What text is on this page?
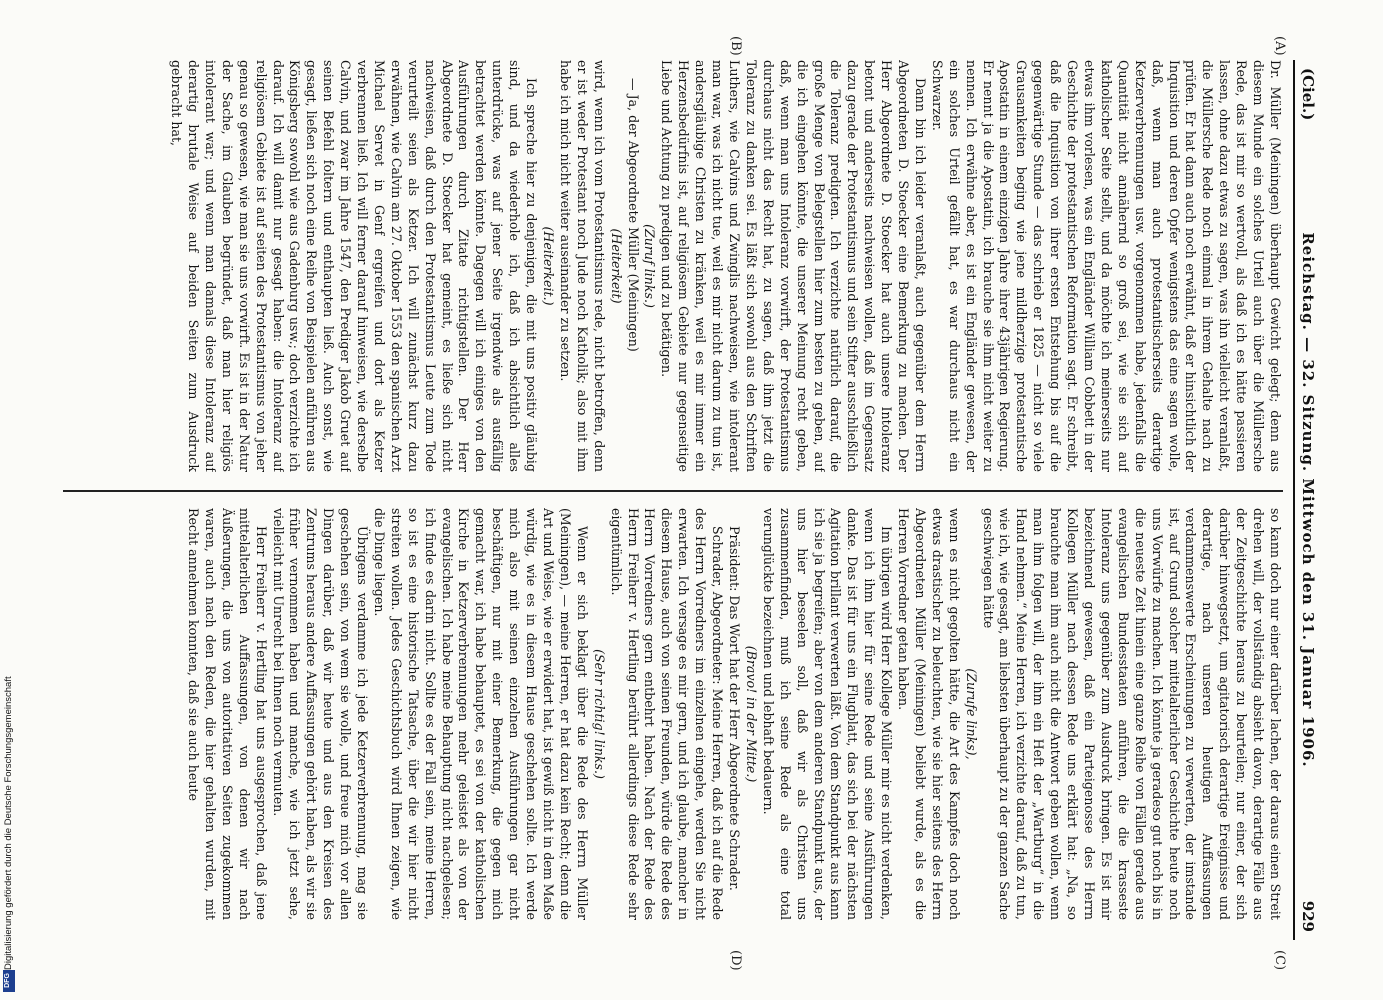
(Ciel.)
Reichstag. — 32. Sitzung. Mittwoch den 31. Januar 1906.
929
(A)
(B)
(C)
(D)

Dr. Müller (Meiningen) überhaupt Gewicht gelegt; denn aus diesem Munde ein solches Urteil auch über die Müllersche Rede, das ist mir so wertvoll, als daß ich es hätte passieren lassen, ohne dazu etwas zu sagen, was ihn vielleicht veranlaßt, die Müllersche Rede noch einmal in ihrem Gehalte nach zu prüfen. Er hat dann auch noch erwähnt, daß er hinsichtlich der Inquisition und deren Opfer wenigstens das eine sagen wolle, daß, wenn man auch protestantischerseits derartige Ketzerverbrennungen usw. vorgenommen habe, jedenfalls die Quantität nicht annähernd so groß sei, wie sie sich auf katholischer Seite stellt, und da möchte ich meinerseits nur etwas ihm vorlesen, was ein Engländer William Cobbett in der Geschichte der protestantischen Reformation sagt. Er schreibt, daß die Inquisition von ihrer ersten Entstehung bis auf die gegenwärtige Stunde — das schrieb er 1825 — nicht so viele Grausamkeiten beging wie jene mildherzige protestantische Apostatin in einem einzigen Jahre ihrer 43jährigen Regierung. Er nennt ja die Apostatin, ich brauche sie ihm nicht weiter zu nennen. Ich erwähne aber, es ist ein Engländer gewesen, der ein solches Urteil gefällt hat, es war durchaus nicht ein Schwarzer.

Dann bin ich leider veranlaßt, auch gegenüber dem Herrn Abgeordneten D. Stoecker eine Bemerkung zu machen. Der Herr Abgeordnete D. Stoecker hat auch unsere Intoleranz betont und anderseits nachweisen wollen, daß im Gegensatz dazu gerade der Protestantismus und sein Stifter ausschließlich die Toleranz predigten. Ich verzichte natürlich darauf, die große Menge von Belegstellen hier zum besten zu geben, auf die ich eingehen könnte, die unserer Meinung recht geben, daß, wenn man uns Intoleranz vorwirft, der Protestantismus durchaus nicht das Recht hat, zu sagen, daß ihm jetzt die Toleranz zu danken sei. Es läßt sich sowohl aus den Schriften Luthers, wie Calvins und Zwinglis nachweisen, wie intolerant man war, was ich nicht tue, weil es mir nicht darum zu tun ist, andersgläubige Christen zu kränken, weil es mir immer ein Herzensbedürfnis ist, auf religiösem Gebiete nur gegenseitige Liebe und Achtung zu predigen und zu betätigen.

(Zuruf links.)

— Ja, der Abgeordnete Müller (Meiningen)

(Heiterkeit)

wird, wenn ich vom Protestantismus rede, nicht betroffen, denn er ist weder Protestant noch Jude noch Katholik; also mit ihm habe ich mich nicht weiter auseinander zu setzen.

(Heiterkeit.)

Ich spreche hier zu denjenigen, die mit uns positiv gläubig sind, und da wiederhole ich, daß ich absichtlich alles unterdrücke, was auf jener Seite irgendwie als ausfällig betrachtet werden könnte. Dagegen will ich einiges von den Ausführungen durch Zitate richtigstellen. Der Herr Abgeordnete D. Stoecker hat gemeint, es ließe sich nicht nachweisen, daß durch den Protestantismus Leute zum Tode verurteilt seien als Ketzer. Ich will zunächst kurz dazu erwähnen, wie Calvin am 27. Oktober 1553 den spanischen Arzt Michael Servet in Genf ergreifen und dort als Ketzer verbrennen ließ. Ich will ferner darauf hinweisen, wie derselbe Calvin, und zwar im Jahre 1547, den Prediger Jakob Gruet auf seinen Befehl foltern und enthaupten ließ. Auch sonst, wie gesagt, ließen sich noch eine Reihe von Beispielen anführen aus Königsberg sowohl wie aus Gadenburg usw.; doch verzichte ich darauf. Ich will damit nur gesagt haben: die Intoleranz auf religiösem Gebiete ist auf seiten des Protestantismus von jeher genau so gewesen, wie man sie uns vorwirft. Es ist in der Natur der Sache, im Glauben begründet, daß man hier religiös intolerant war; und wenn man damals diese Intoleranz auf derartig brutale Weise auf beiden Seiten zum Ausdruck gebracht hat,

so kann doch nur einer darüber lachen, der daraus einen Streit drehen will, der vollständig absieht davon, derartige Fälle aus der Zeitgeschichte heraus zu beurteilen; nur einer, der sich darüber hinwegsetzt, um agitatorisch derartige Ereignisse und derartige, nach unseren heutigen Auffassungen verdammenswerte Erscheinungen zu verwerten, der imstande ist, auf Grund solcher mittelalterlicher Geschichte heute noch uns Vorwürfe zu machen. Ich könnte ja geradeso gut noch bis in die neueste Zeit hinein eine ganze Reihe von Fällen gerade aus evangelischen Bundesstaaten anführen, die die krasseste Intoleranz uns gegenüber zum Ausdruck bringen. Es ist mir bezeichnend gewesen, daß ein Parteigenosse des Herrn Kollegen Müller nach dessen Rede uns erklärt hat: „Na, so brauchte man ihm auch nicht die Antwort geben wollen, wenn man ihm folgen will, der ihm ein Heft der „Wartburg“ in die Hand nehmen.“ Meine Herren, ich verzichte darauf, daß zu tun, wie ich, wie gesagt, am liebsten überhaupt zu der ganzen Sache geschwiegen hätte

(Zurufe links),

wenn es nicht gegolten hätte, die Art des Kampfes doch noch etwas drastischer zu beleuchten, wie sie hier seitens des Herrn Abgeordneten Müller (Meiningen) beliebt wurde, als es die Herren Vorredner getan haben.

Im übrigen wird Herr Kollege Müller mir es nicht verdenken, wenn ich ihm hier für seine Rede und seine Ausführungen danke. Das ist für uns ein Flugblatt, das sich bei der nächsten Agitation brillant verwerten läßt. Von dem Standpunkt aus kann ich sie ja begreifen; aber von dem anderen Standpunkt aus, der uns hier beseelen soll, daß wir als Christen uns zusammenfinden, muß ich seine Rede als eine total verunglückte bezeichnen und lebhaft bedauern.

(Bravo! in der Mitte.)

Präsident: Das Wort hat der Herr Abgeordnete Schrader.

Schrader, Abgeordneter: Meine Herren, daß ich auf die Rede des Herrn Vorredners im einzelnen eingehe, werden Sie nicht erwarten. Ich versage es mir gern, und ich glaube, mancher in diesem Hause, auch von seinen Freunden, würde die Rede des Herrn Vorredners gern entbehrt haben. Nach der Rede des Herrn Freiherr v. Hertling berührt allerdings diese Rede sehr eigentümlich.

(Sehr richtig! links.)

Wenn er sich beklagt über die Rede des Herrn Müller (Meiningen), — meine Herren, er hat dazu kein Recht; denn die Art und Weise, wie er erwidert hat, ist gewiß nicht in dem Maße würdig, wie es in diesem Hause geschehen sollte. Ich werde mich also mit seinen einzelnen Ausführungen gar nicht beschäftigen, nur mit einer Bemerkung, die gegen mich gemacht war, ich habe behauptet, es sei von der katholischen Kirche in Ketzerverbrennungen mehr geleistet als von der evangelischen. Ich habe meine Behauptung nicht nachgelesen; ich finde es darin nicht. Sollte es der Fall sein, meine Herren, so ist es eine historische Tatsache, über die wir hier nicht streiten wollen. Jedes Geschichtsbuch wird Ihnen zeigen, wie die Dinge liegen.

Übrigens verdamme ich jede Ketzerverbrennung, mag sie geschehen sein, von wem sie wolle, und freue mich vor allen Dingen darüber, daß wir heute und aus den Kreisen des Zentrums heraus andere Auffassungen gehört haben, als wir sie früher vernommen haben und manche, wie ich jetzt sehe, vielleicht mit Unrecht bei Ihnen noch vermuten.

Herr Freiherr v. Hertling hat uns ausgesprochen, daß jene mittelalterlichen Auffassungen, von denen wir nach Äußerungen, die uns von autoritativen Seiten zugekommen waren, auch nach den Reden, die hier gehalten wurden, mit Recht annehmen konnten, daß sie auch heute

Digitalisierung gefördert durch die Deutsche Forschungsgemeinschaft
DFG
